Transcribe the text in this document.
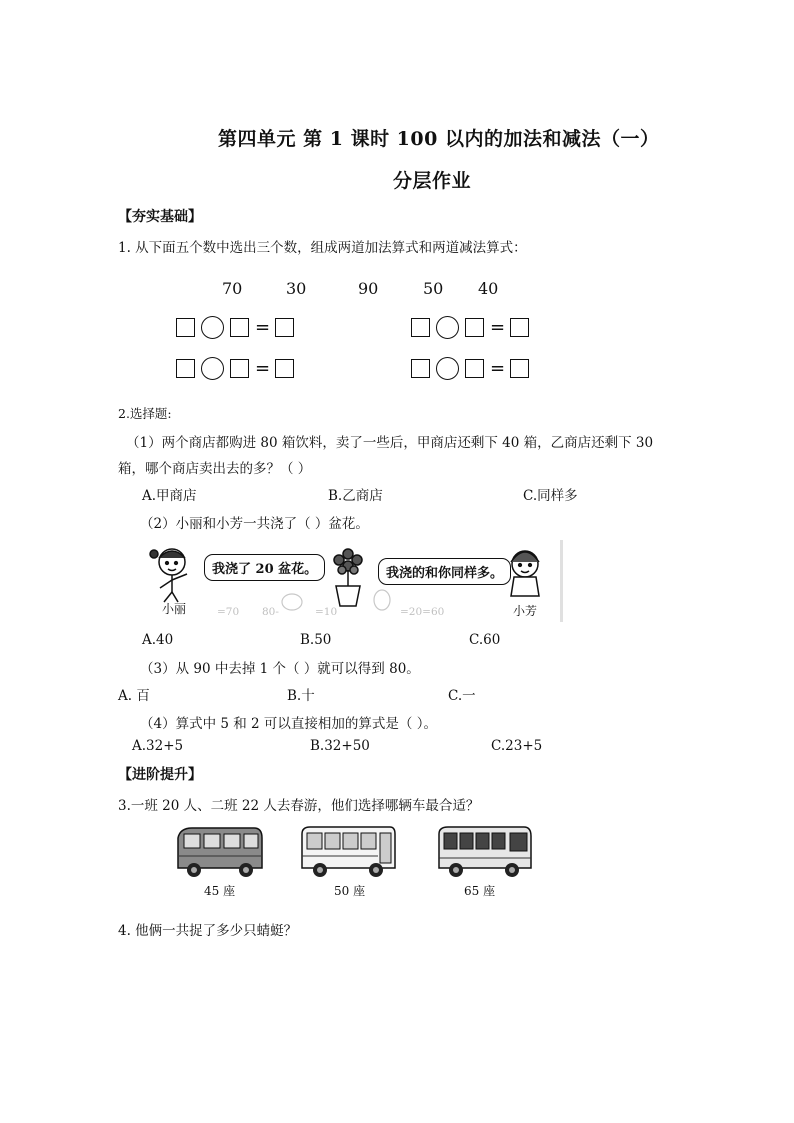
第四单元 第 1 课时 100 以内的加法和减法（一）
分层作业
【夯实基础】
1. 从下面五个数中选出三个数，组成两道加法算式和两道减法算式：
70	30	90	50 40
=	=
=	=
2.选择题:
（1）两个商店都购进 80 箱饮料，卖了一些后，甲商店还剩下 40 箱，乙商店还剩下 30
箱，哪个商店卖出去的多？（ ）
A.甲商店	B.乙商店	C.同样多
（2）小丽和小芳一共浇了（ ）盆花。
我浇了 20 盆花。	我浇的和你同样多。
小丽	小芳
=70 80-	=10	=20=60
A.40	B.50	C.60
（3）从 90 中去掉 1 个（ ）就可以得到 80。
A. 百	B.十	C.一
（4）算式中 5 和 2 可以直接相加的算式是（ ）。
A.32+5	B.32+50	C.23+5
【进阶提升】
3.一班 20 人、二班 22 人去春游，他们选择哪辆车最合适？
45 座	50 座	65 座
4. 他俩一共捉了多少只蜻蜓？
